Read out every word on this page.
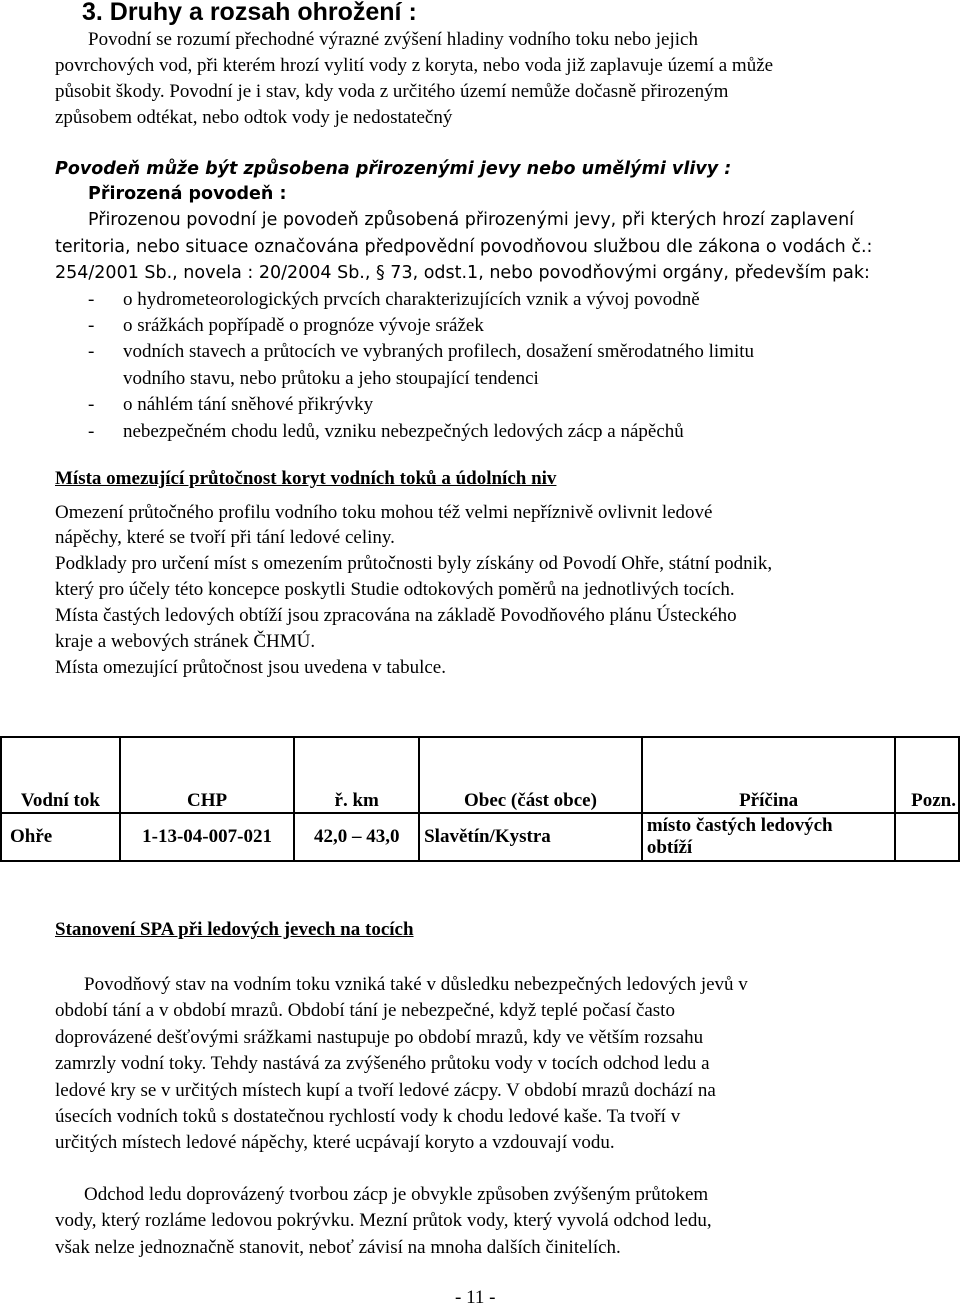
3. Druhy a rozsah ohrožení :
Povodní se rozumí přechodné výrazné zvýšení hladiny vodního toku nebo jejich
povrchových vod, při kterém hrozí vylití vody z koryta, nebo voda již zaplavuje území a může
působit škody. Povodní je i stav, kdy voda z určitého území nemůže dočasně přirozeným
způsobem odtékat, nebo odtok vody je nedostatečný
Povodeň může být způsobena přirozenými jevy nebo umělými vlivy :
Přirozená povodeň :
Přirozenou povodní je povodeň způsobená přirozenými jevy, při kterých hrozí zaplavení
teritoria, nebo situace označována předpovědní povodňovou službou dle zákona o vodách č.:
254/2001 Sb., novela : 20/2004 Sb., § 73, odst.1, nebo povodňovými orgány, především pak:
- o hydrometeorologických prvcích charakterizujících vznik a vývoj povodně
- o srážkách popřípadě o prognóze vývoje srážek
- vodních stavech a průtocích ve vybraných profilech, dosažení směrodatného limitu
vodního stavu, nebo průtoku a jeho stoupající tendenci
- o náhlém tání sněhové přikrývky
- nebezpečném chodu ledů, vzniku nebezpečných ledových zácp a nápěchů
Místa omezující průtočnost koryt vodních toků a údolních niv
Omezení průtočného profilu vodního toku mohou též velmi nepříznivě ovlivnit ledové
nápěchy, které se tvoří při tání ledové celiny.
Podklady pro určení míst s omezením průtočnosti byly získány od Povodí Ohře, státní podnik,
který pro účely této koncepce poskytli Studie odtokových poměrů na jednotlivých tocích.
Místa častých ledových obtíží jsou zpracována na základě Povodňového plánu Ústeckého
kraje a webových stránek ČHMÚ.
Místa omezující průtočnost jsou uvedena v tabulce.
Vodní tok	CHP	ř. km	Obec (část obce)	Příčina	Pozn.
Ohře	1-13-04-007-021	42,0 – 43,0	Slavětín/Kystra	místo častých ledových
obtíží	

Stanovení SPA při ledových jevech na tocích
Povodňový stav na vodním toku vzniká také v důsledku nebezpečných ledových jevů v
období tání a v období mrazů. Období tání je nebezpečné, když teplé počasí často
doprovázené dešťovými srážkami nastupuje po období mrazů, kdy ve větším rozsahu
zamrzly vodní toky. Tehdy nastává za zvýšeného průtoku vody v tocích odchod ledu a
ledové kry se v určitých místech kupí a tvoří ledové zácpy. V období mrazů dochází na
úsecích vodních toků s dostatečnou rychlostí vody k chodu ledové kaše. Ta tvoří v
určitých místech ledové nápěchy, které ucpávají koryto a vzdouvají vodu.
Odchod ledu doprovázený tvorbou zácp je obvykle způsoben zvýšeným průtokem
vody, který rozláme ledovou pokrývku. Mezní průtok vody, který vyvolá odchod ledu,
však nelze jednoznačně stanovit, neboť závisí na mnoha dalších činitelích.
- 11 -
